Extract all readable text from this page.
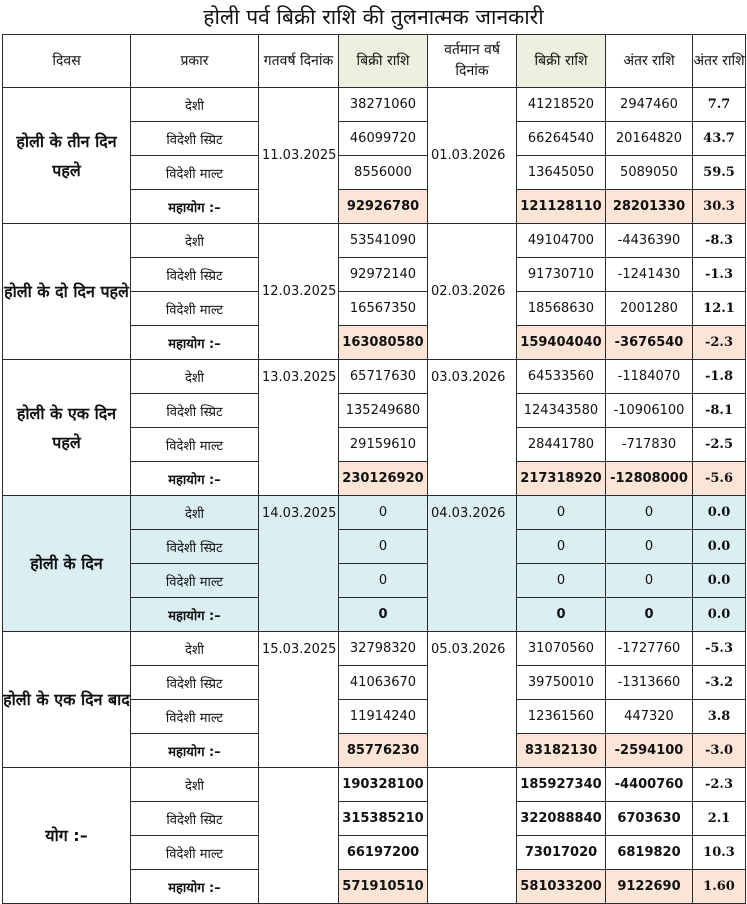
होली पर्व बिक्री राशि की तुलनात्मक जानकारी
दिवस	प्रकार	गतवर्ष दिनांक	बिक्री राशि	वर्तमान वर्ष दिनांक	बिक्री राशि	अंतर राशि	अंतर राशि
होली के तीन दिन पहले	देशी	11.03.2025	38271060	01.03.2026	41218520	2947460	7.7
	विदेशी स्प्रिट		46099720		66264540	20164820	43.7
	विदेशी माल्ट		8556000		13645050	5089050	59.5
	महायोग :–		92926780		121128110	28201330	30.3
होली के दो दिन पहले	देशी	12.03.2025	53541090	02.03.2026	49104700	-4436390	-8.3
	विदेशी स्प्रिट		92972140		91730710	-1241430	-1.3
	विदेशी माल्ट		16567350		18568630	2001280	12.1
	महायोग :–		163080580		159404040	-3676540	-2.3
होली के एक दिन पहले	देशी	13.03.2025	65717630	03.03.2026	64533560	-1184070	-1.8
	विदेशी स्प्रिट		135249680		124343580	-10906100	-8.1
	विदेशी माल्ट		29159610		28441780	-717830	-2.5
	महायोग :–		230126920		217318920	-12808000	-5.6
होली के दिन	देशी	14.03.2025	0	04.03.2026	0	0	0.0
	विदेशी स्प्रिट		0		0	0	0.0
	विदेशी माल्ट		0		0	0	0.0
	महायोग :–		0		0	0	0.0
होली के एक दिन बाद	देशी	15.03.2025	32798320	05.03.2026	31070560	-1727760	-5.3
	विदेशी स्प्रिट		41063670		39750010	-1313660	-3.2
	विदेशी माल्ट		11914240		12361560	447320	3.8
	महायोग :–		85776230		83182130	-2594100	-3.0
योग :–	देशी		190328100		185927340	-4400760	-2.3
	विदेशी स्प्रिट		315385210		322088840	6703630	2.1
	विदेशी माल्ट		66197200		73017020	6819820	10.3
	महायोग :–		571910510		581033200	9122690	1.60
